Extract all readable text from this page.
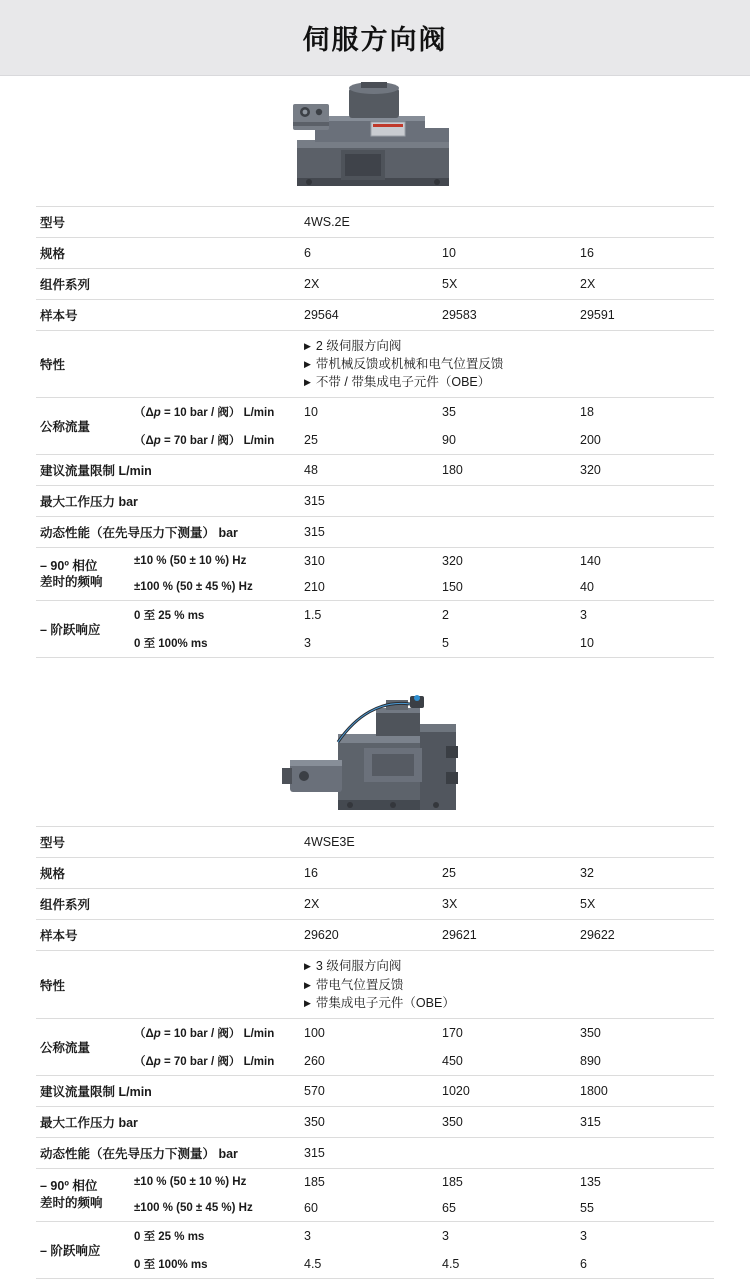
伺服方向阀
型号		4WS.2E		
规格		6	10	16
组件系列		2X	5X	2X
样本号		29564	29583	29591
特性		▶ 2 级伺服方向阀
▶ 带机械反馈或机械和电气位置反馈
▶ 不带 / 带集成电子元件（OBE）		

公称流量	（Δp = 10 bar / 阀） L/min	10	35	18
	（Δp = 70 bar / 阀） L/min	25	90	200
建议流量限制 L/min		48	180	320
最大工作压力 bar		315		
动态性能（在先导压力下测量） bar		315		

– 90º 相位
差时的频响	±10 % (50 ± 10 %) Hz	310	320	140
	±100 % (50 ± 45 %) Hz	210	150	40
– 阶跃响应	0 至 25 % ms	1.5	2	3
	0 至 100% ms	3	5	10
型号		4WSE3E		
规格		16	25	32
组件系列		2X	3X	5X
样本号		29620	29621	29622
特性		▶ 3 级伺服方向阀
▶ 带电气位置反馈
▶ 带集成电子元件（OBE）		

公称流量	（Δp = 10 bar / 阀） L/min	100	170	350
	（Δp = 70 bar / 阀） L/min	260	450	890
建议流量限制 L/min		570	1020	1800
最大工作压力 bar		350	350	315
动态性能（在先导压力下测量） bar		315		

– 90º 相位
差时的频响	±10 % (50 ± 10 %) Hz	185	185	135
	±100 % (50 ± 45 %) Hz	60	65	55
– 阶跃响应	0 至 25 % ms	3	3	3
	0 至 100% ms	4.5	4.5	6
